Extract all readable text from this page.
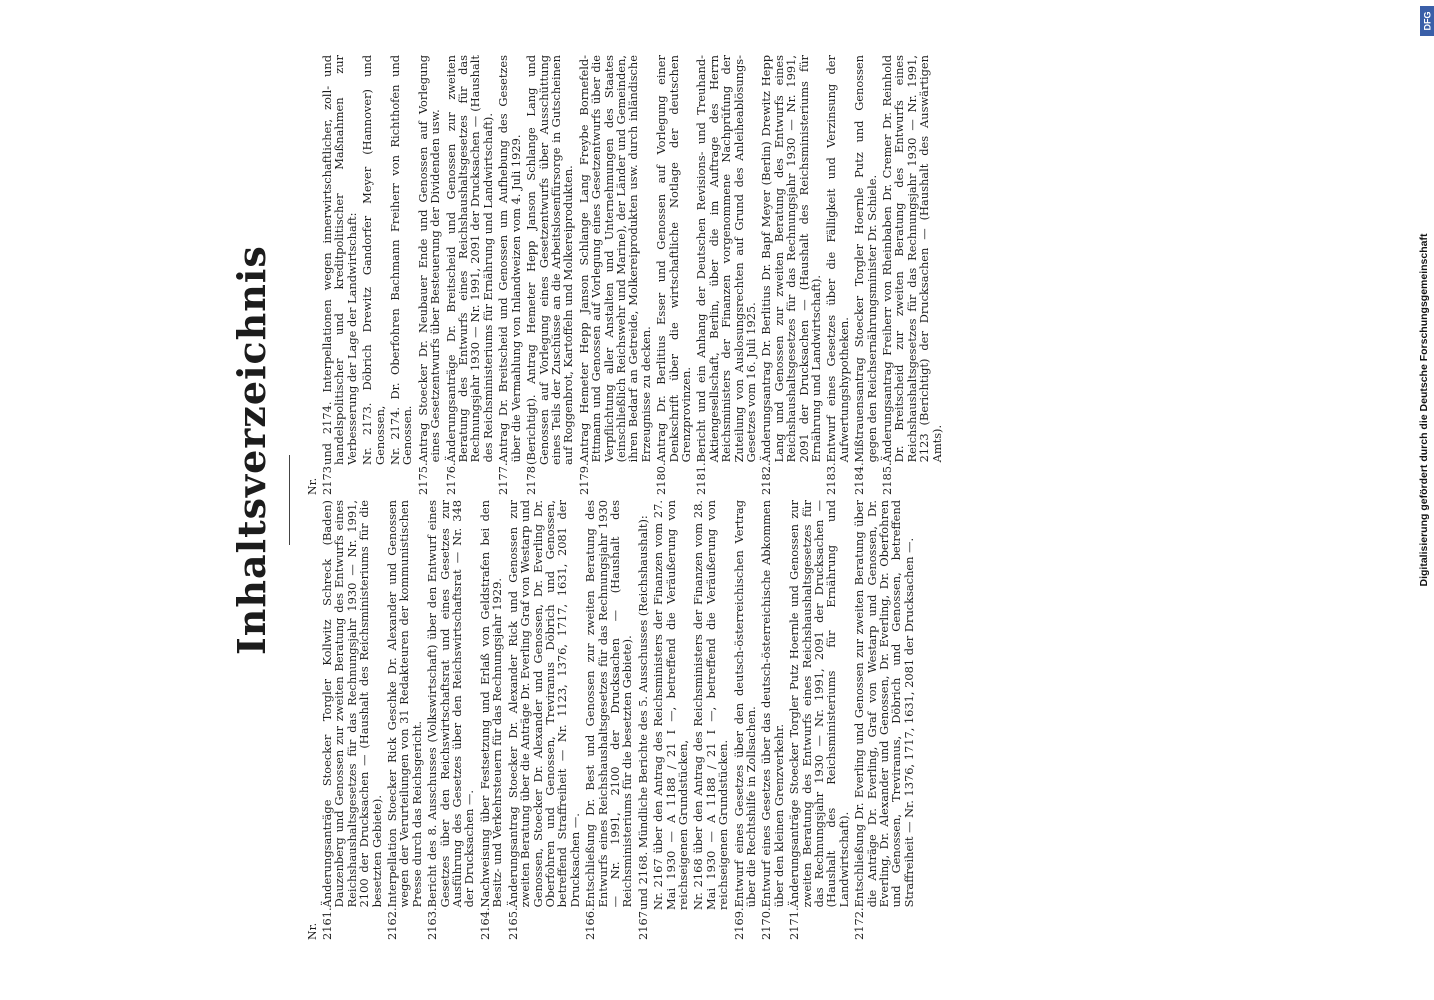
Inhaltsverzeichnis
Nr. 2161.
Änderungsanträge Stoecker Torgler Kollwitz Schreck (Baden) Dauzenberg und Genossen zur zweiten Beratung des Entwurfs eines Reichshaushaltsgesetzes für das Rechnungsjahr 1930 — Nr. 1991, 2100 der Drucksachen — (Haushalt des Reichsministeriums für die besetzten Gebiete).
2162.
Interpellation Stoecker Rick Geschke Dr. Alexander und Genossen wegen der Verurteilungen von 31 Redakteuren der kommunistischen Presse durch das Reichsgericht.
2163.
Bericht des 8. Ausschusses (Volkswirtschaft) über den Entwurf eines Gesetzes über den Reichswirtschaftsrat und eines Gesetzes zur Ausführung des Gesetzes über den Reichswirtschaftsrat — Nr. 348 der Drucksachen —.
2164.
Nachweisung über Festsetzung und Erlaß von Geldstrafen bei den Besitz- und Verkehrsteuern für das Rechnungsjahr 1929.
2165.
Änderungsantrag Stoecker Dr. Alexander Rick und Genossen zur zweiten Beratung über die Anträge Dr. Everling Graf von Westarp und Genossen, Stoecker Dr. Alexander und Genossen, Dr. Everling Dr. Oberfohren und Genossen, Treviranus Döbrich und Genossen, betreffend Straffreiheit — Nr. 1123, 1376, 1717, 1631, 2081 der Drucksachen —.
2166.
Entschließung Dr. Best und Genossen zur zweiten Beratung des Entwurfs eines Reichshaushaltsgesetzes für das Rechnungsjahr 1930 — Nr. 1991, 2100 der Drucksachen — (Haushalt des Reichsministeriums für die besetzten Gebiete).
2167
und 2168. Mündliche Berichte des 5. Ausschusses (Reichshaushalt): Nr. 2167 über den Antrag des Reichsministers der Finanzen vom 27. Mai 1930 — A 1188 / 21 I —, betreffend die Veräußerung von reichseigenen Grundstücken, Nr. 2168 über den Antrag des Reichsministers der Finanzen vom 28. Mai 1930 — A 1188 / 21 I —, betreffend die Veräußerung von reichseigenen Grundstücken.
2169.
Entwurf eines Gesetzes über den deutsch-österreichischen Vertrag über die Rechtshilfe in Zollsachen.
2170.
Entwurf eines Gesetzes über das deutsch-österreichische Abkommen über den kleinen Grenzverkehr.
2171.
Änderungsanträge Stoecker Torgler Putz Hoernle und Genossen zur zweiten Beratung des Entwurfs eines Reichshaushaltsgesetzes für das Rechnungsjahr 1930 — Nr. 1991, 2091 der Drucksachen — (Haushalt des Reichsministeriums für Ernährung und Landwirtschaft).
2172.
Entschließung Dr. Everling und Genossen zur zweiten Beratung über die Anträge Dr. Everling, Graf von Westarp und Genossen, Dr. Everling, Dr. Alexander und Genossen, Dr. Everling, Dr. Oberfohren und Genossen, Treviranus, Döbrich und Genossen, betreffend Straffreiheit — Nr. 1376, 1717, 1631, 2081 der Drucksachen —.
Nr. 2173
und 2174. Interpellationen wegen innerwirtschaftlicher, zoll- und handelspolitischer und kreditpolitischer Maßnahmen zur Verbesserung der Lage der Landwirtschaft: Nr. 2173. Döbrich Drewitz Gandorfer Meyer (Hannover) und Genossen, Nr. 2174. Dr. Oberfohren Bachmann Freiherr von Richthofen und Genossen.
2175.
Antrag Stoecker Dr. Neubauer Ende und Genossen auf Vorlegung eines Gesetzentwurfs über Besteuerung der Dividenden usw.
2176.
Änderungsanträge Dr. Breitscheid und Genossen zur zweiten Beratung des Entwurfs eines Reichshaushaltsgesetzes für das Rechnungsjahr 1930 — Nr. 1991, 2091 der Drucksachen — (Haushalt des Reichsministeriums für Ernährung und Landwirtschaft).
2177.
Antrag Dr. Breitscheid und Genossen um Aufhebung des Gesetzes über die Vermahlung von Inlandweizen vom 4. Juli 1929.
2178
(Berichtigt). Antrag Hemeter Hepp Janson Schlange Lang und Genossen auf Vorlegung eines Gesetzentwurfs über Ausschüttung eines Teils der Zuschüsse an die Arbeitslosenfürsorge in Gutscheinen auf Roggenbrot, Kartoffeln und Molkereiprodukten.
2179.
Antrag Hemeter Hepp Janson Schlange Lang Freybe Bornefeld-Ettmann und Genossen auf Vorlegung eines Gesetzentwurfs über die Verpflichtung aller Anstalten und Unternehmungen des Staates (einschließlich Reichswehr und Marine), der Länder und Gemeinden, ihren Bedarf an Getreide, Molkereiprodukten usw. durch inländische Erzeugnisse zu decken.
2180.
Antrag Dr. Berlitius Esser und Genossen auf Vorlegung einer Denkschrift über die wirtschaftliche Notlage der deutschen Grenzprovinzen.
2181.
Bericht und ein Anhang der Deutschen Revisions- und Treuhand-Aktiengesellschaft, Berlin, über die im Auftrage des Herrn Reichsministers der Finanzen vorgenommene Nachprüfung der Zuteilung von Auslosungsrechten auf Grund des Anleiheablösungs-Gesetzes vom 16. Juli 1925.
2182.
Änderungsantrag Dr. Berlitius Dr. Bapf Meyer (Berlin) Drewitz Hepp Lang und Genossen zur zweiten Beratung des Entwurfs eines Reichshaushaltsgesetzes für das Rechnungsjahr 1930 — Nr. 1991, 2091 der Drucksachen — (Haushalt des Reichsministeriums für Ernährung und Landwirtschaft).
2183.
Entwurf eines Gesetzes über die Fälligkeit und Verzinsung der Aufwertungshypotheken.
2184.
Mißtrauensantrag Stoecker Torgler Hoernle Putz und Genossen gegen den Reichsernährungsminister Dr. Schiele.
2185.
Änderungsantrag Freiherr von Rheinbaben Dr. Cremer Dr. Reinhold Dr. Breitscheid zur zweiten Beratung des Entwurfs eines Reichshaushaltsgesetzes für das Rechnungsjahr 1930 — Nr. 1991, 2123 (Berichtigt) der Drucksachen — (Haushalt des Auswärtigen Amts).
DFG
Digitalisierung gefördert durch die Deutsche Forschungsgemeinschaft
